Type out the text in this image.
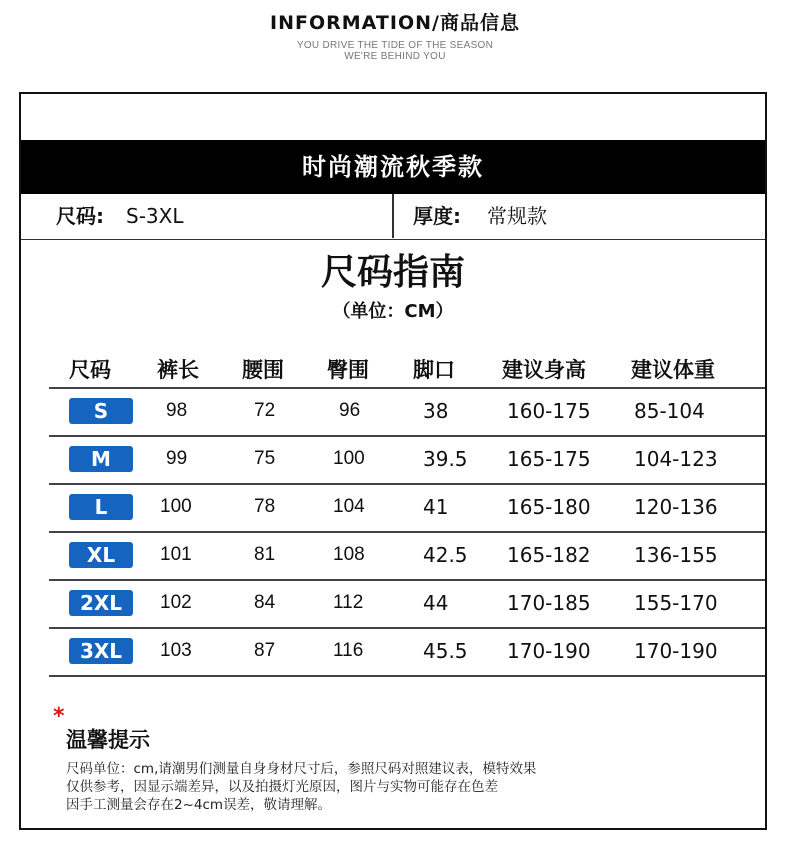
INFORMATION/商品信息
YOU DRIVE THE TIDE OF THE SEASON
WE'RE BEHIND YOU
时尚潮流秋季款
尺码: S-3XL	厚度: 常规款
尺码指南
（单位：CM）
尺码 裤长 腰围 臀围 脚口 建议身高 建议体重
S	98	72	96	38	160-175 85-104
M	99	75	100	39.5 165-175 104-123
L	100	78	104	41	165-180 120-136
XL	101	81	108	42.5 165-182 136-155
2XL	102	84	112	44	170-185 155-170
3XL	103	87	116	45.5 170-190 170-190
*
温馨提示
尺码单位：cm,请潮男们测量自身身材尺寸后，参照尺码对照建议表，模特效果
仅供参考，因显示端差异，以及拍摄灯光原因，图片与实物可能存在色差
因手工测量会存在2~4cm误差，敬请理解。
